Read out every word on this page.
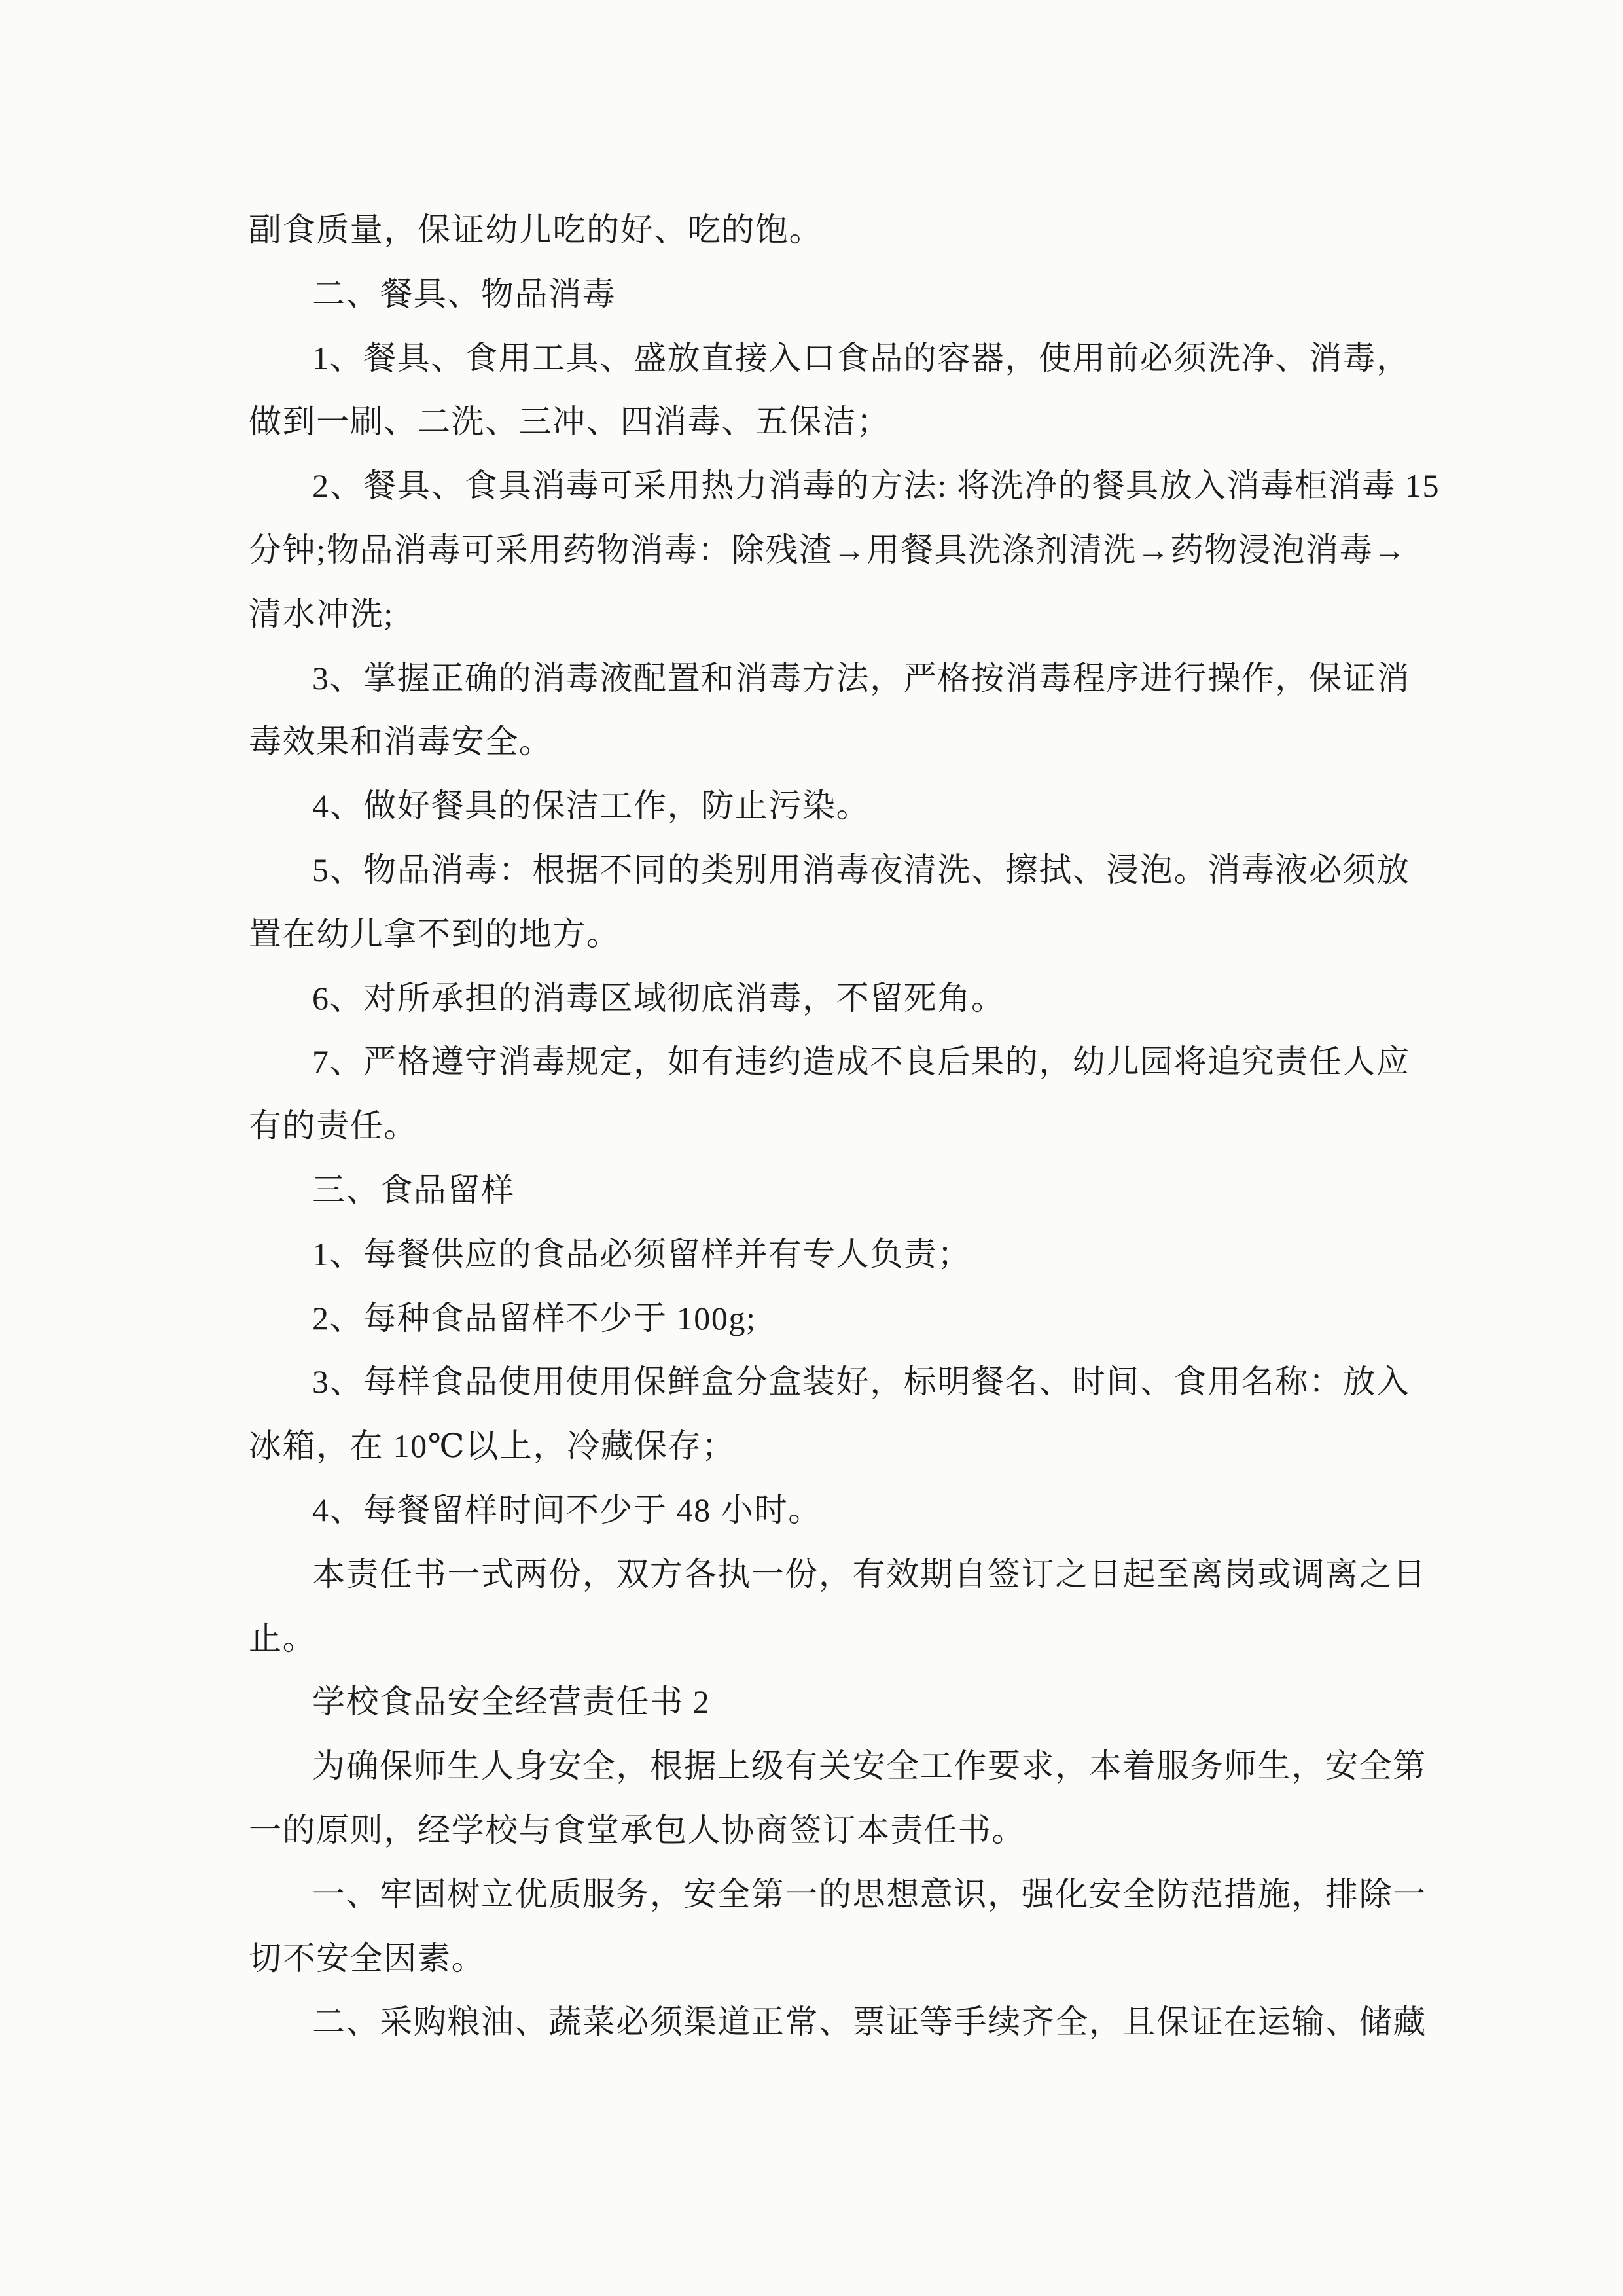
副食质量，保证幼儿吃的好、吃的饱。
二、餐具、物品消毒
1、餐具、食用工具、盛放直接入口食品的容器，使用前必须洗净、消毒，
做到一刷、二洗、三冲、四消毒、五保洁；
2、餐具、食具消毒可采用热力消毒的方法: 将洗净的餐具放入消毒柜消毒 15
分钟;物品消毒可采用药物消毒：除残渣→用餐具洗涤剂清洗→药物浸泡消毒→
清水冲洗;
3、掌握正确的消毒液配置和消毒方法，严格按消毒程序进行操作，保证消
毒效果和消毒安全。
4、做好餐具的保洁工作，防止污染。
5、物品消毒：根据不同的类别用消毒夜清洗、擦拭、浸泡。消毒液必须放
置在幼儿拿不到的地方。
6、对所承担的消毒区域彻底消毒，不留死角。
7、严格遵守消毒规定，如有违约造成不良后果的，幼儿园将追究责任人应
有的责任。
三、食品留样
1、每餐供应的食品必须留样并有专人负责；
2、每种食品留样不少于 100g;
3、每样食品使用使用保鲜盒分盒装好，标明餐名、时间、食用名称：放入
冰箱，在 10℃以上，冷藏保存；
4、每餐留样时间不少于 48 小时。
本责任书一式两份，双方各执一份，有效期自签订之日起至离岗或调离之日
止。
学校食品安全经营责任书 2
为确保师生人身安全，根据上级有关安全工作要求，本着服务师生，安全第
一的原则，经学校与食堂承包人协商签订本责任书。
一、牢固树立优质服务，安全第一的思想意识，强化安全防范措施，排除一
切不安全因素。
二、采购粮油、蔬菜必须渠道正常、票证等手续齐全，且保证在运输、储藏
